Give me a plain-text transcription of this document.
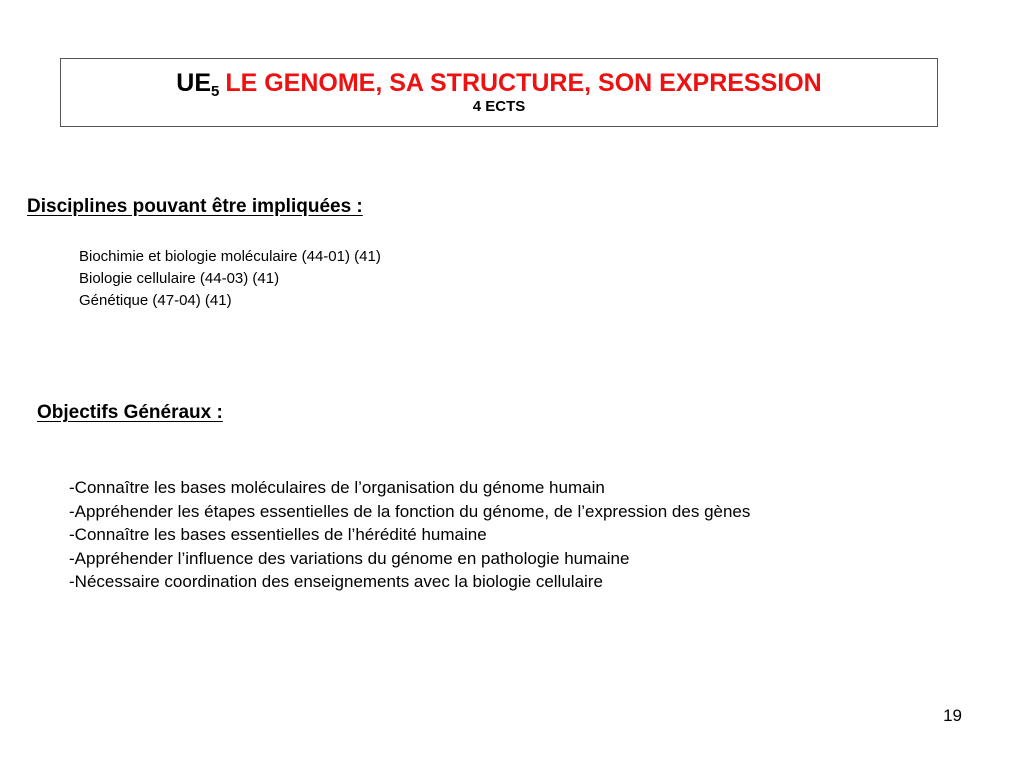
$UE_5$ LE GENOME, SA STRUCTURE, SON EXPRESSION
4 ECTS
Disciplines pouvant être impliquées :
Biochimie et biologie moléculaire (44-01) (41)
Biologie cellulaire (44-03) (41)
Génétique (47-04) (41)
Objectifs Généraux :
-Connaître les bases moléculaires de l’organisation du génome humain
-Appréhender les étapes essentielles de la fonction du génome, de l’expression des gènes
-Connaître les bases essentielles de l’hérédité humaine
-Appréhender l’influence des variations du génome en pathologie humaine
-Nécessaire coordination des enseignements avec la biologie cellulaire
19
